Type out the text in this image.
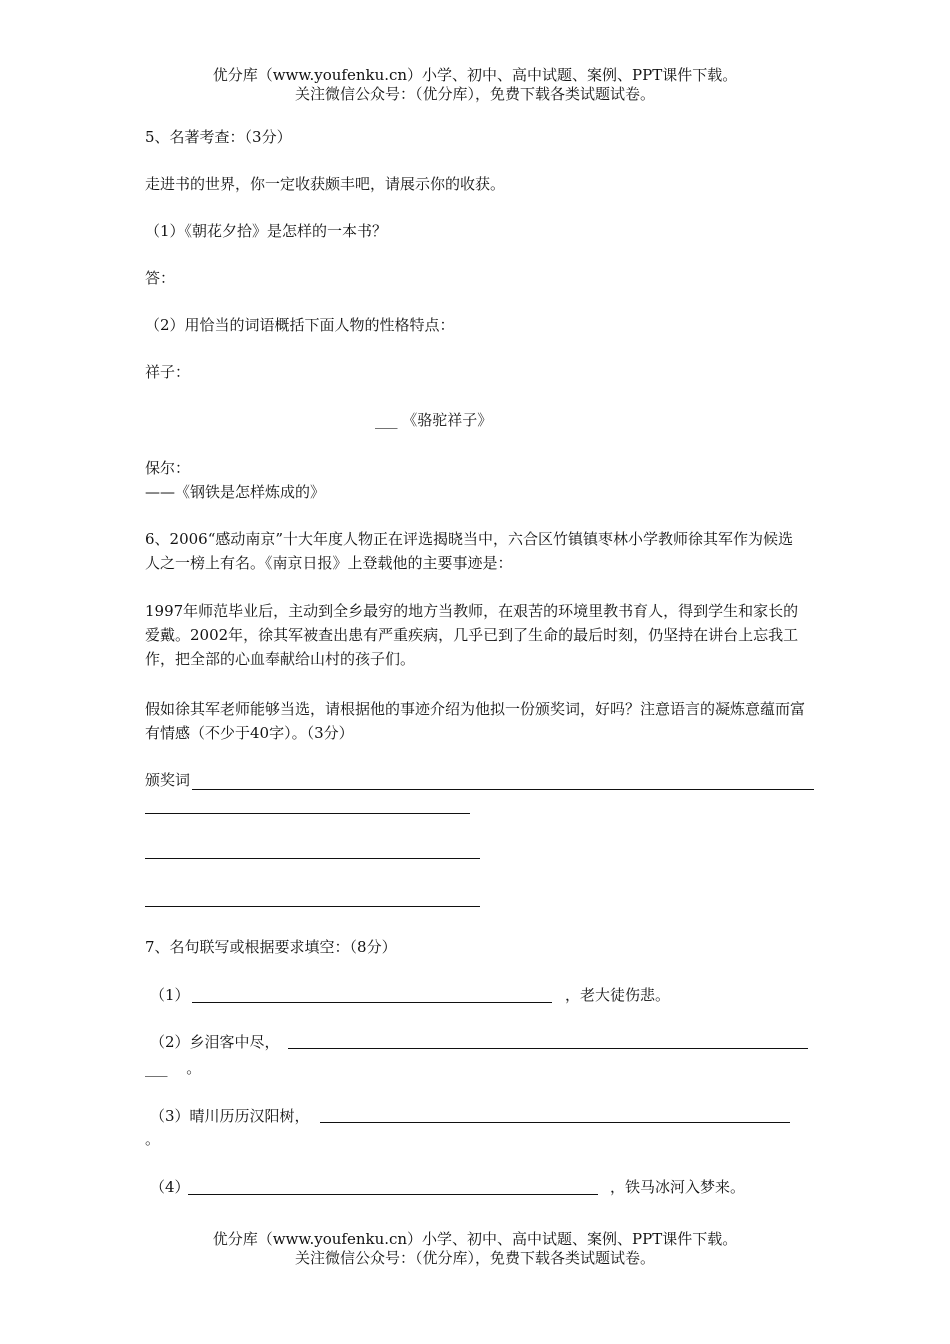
优分库（www.youfenku.cn）小学、初中、高中试题、案例、PPT课件下载。
关注微信公众号：（优分库），免费下载各类试题试卷。
5、名著考查：（3分）
走进书的世界，你一定收获颇丰吧，请展示你的收获。
（1）《朝花夕拾》是怎样的一本书？
答：
（2）用恰当的词语概括下面人物的性格特点：
祥子：
___ 《骆驼祥子》
保尔：
——《钢铁是怎样炼成的》
6、2006“感动南京”十大年度人物正在评选揭晓当中，六合区竹镇镇枣林小学教师徐其军作为候选人之一榜上有名。《南京日报》上登载他的主要事迹是：
1997年师范毕业后，主动到全乡最穷的地方当教师，在艰苦的环境里教书育人，得到学生和家长的爱戴。2002年，徐其军被查出患有严重疾病，几乎已到了生命的最后时刻，仍坚持在讲台上忘我工作，把全部的心血奉献给山村的孩子们。
假如徐其军老师能够当选，请根据他的事迹介绍为他拟一份颁奖词，好吗？注意语言的凝炼意蕴而富有情感（不少于40字）。（3分）
颁奖词
7、名句联写或根据要求填空：（8分）
（1）	，老大徒伤悲。
（2）乡泪客中尽，
___ 。
（3）晴川历历汉阳树，
。
（4）	，铁马冰河入梦来。
优分库（www.youfenku.cn）小学、初中、高中试题、案例、PPT课件下载。
关注微信公众号：（优分库），免费下载各类试题试卷。
